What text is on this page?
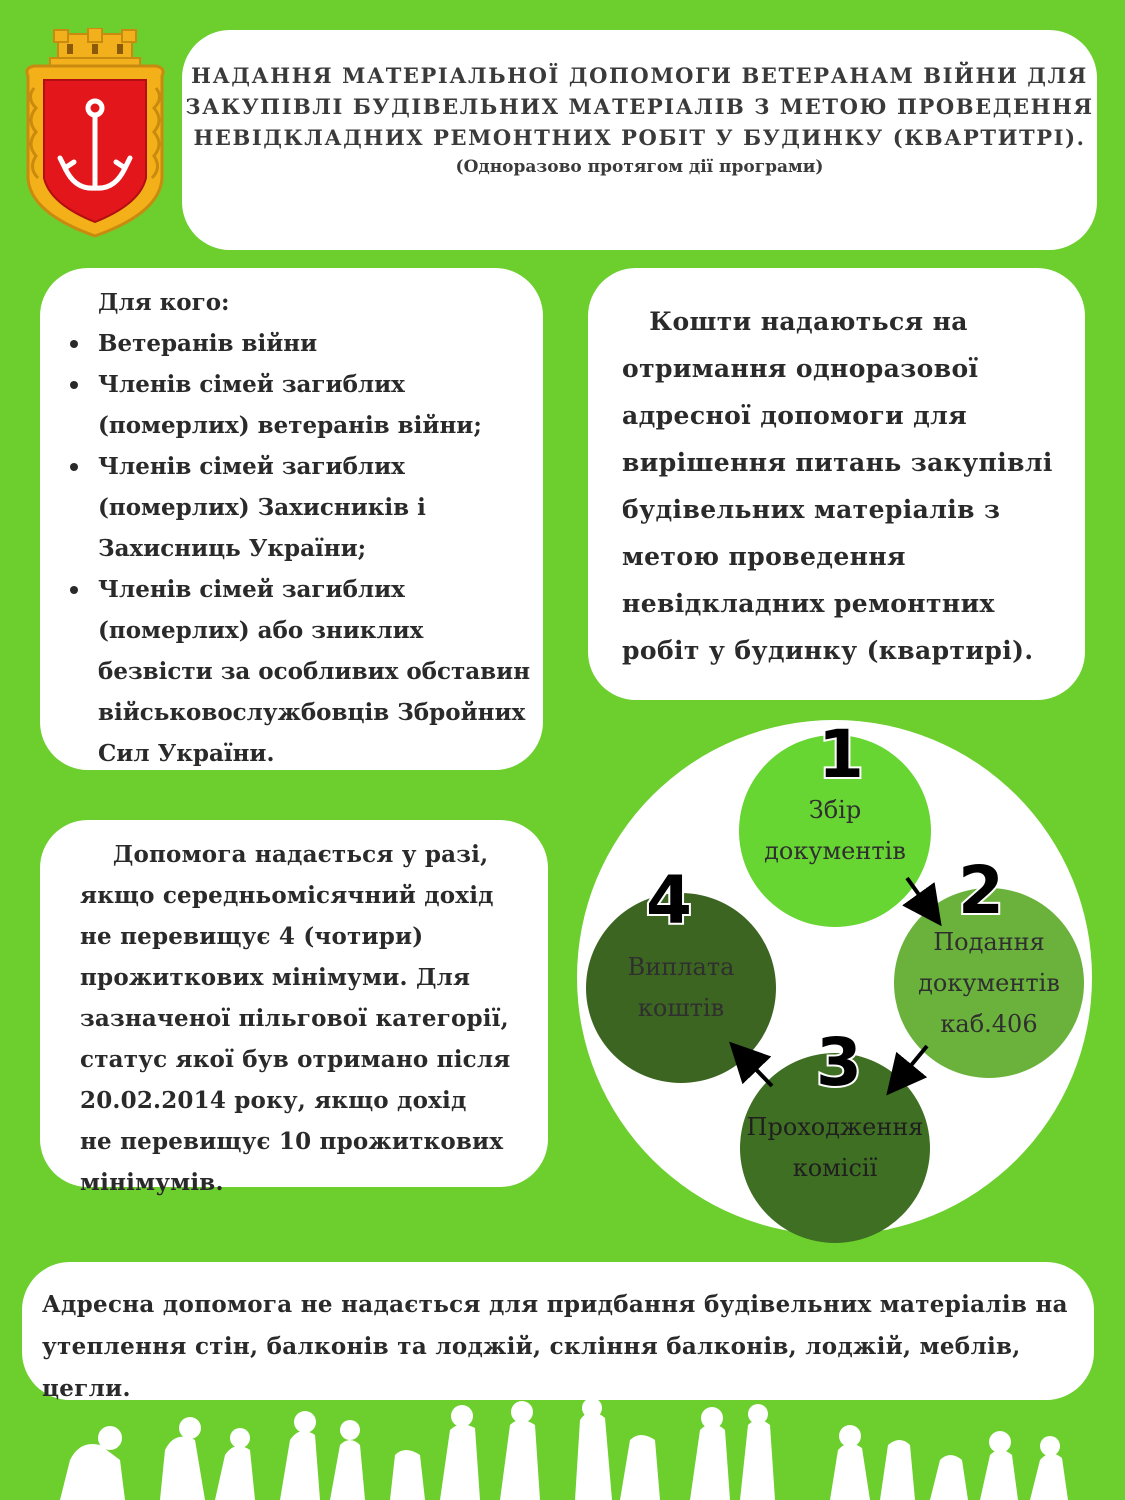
НАДАННЯ МАТЕРІАЛЬНОЇ ДОПОМОГИ ВЕТЕРАНАМ ВІЙНИ ДЛЯ
ЗАКУПІВЛІ БУДІВЕЛЬНИХ МАТЕРІАЛІВ З МЕТОЮ ПРОВЕДЕННЯ
НЕВІДКЛАДНИХ РЕМОНТНИХ РОБІТ У БУДИНКУ (КВАРТИТРІ).
(Одноразово протягом дії програми)
Для кого:
Ветеранів війни
Членів сімей загиблих
(померлих) ветеранів війни;
Членів сімей загиблих
(померлих) Захисників і
Захисниць України;
Членів сімей загиблих
(померлих) або зниклих
безвісти за особливих обставин
військовослужбовців Збройних
Сил України.
Кошти надаються на
отримання одноразової
адресної допомоги для
вирішення питань закупівлі
будівельних матеріалів з
метою проведення
невідкладних ремонтних
робіт у будинку (квартирі).
Допомога надається у разі,
якщо середньомісячний дохід
не перевищує 4 (чотири)
прожиткових мінімуми. Для
зазначеної пільгової категорії,
статус якої був отримано після
20.02.2014 року, якщо дохід
не перевищує 10 прожиткових
мінімумів.
Збір
документів
Подання
документів
каб.406
Проходження
комісії
Виплата
коштів
1
2
3
4
Адресна допомога не надається для придбання будівельних матеріалів на
утеплення стін, балконів та лоджій, скління балконів, лоджій, меблів, цегли.
